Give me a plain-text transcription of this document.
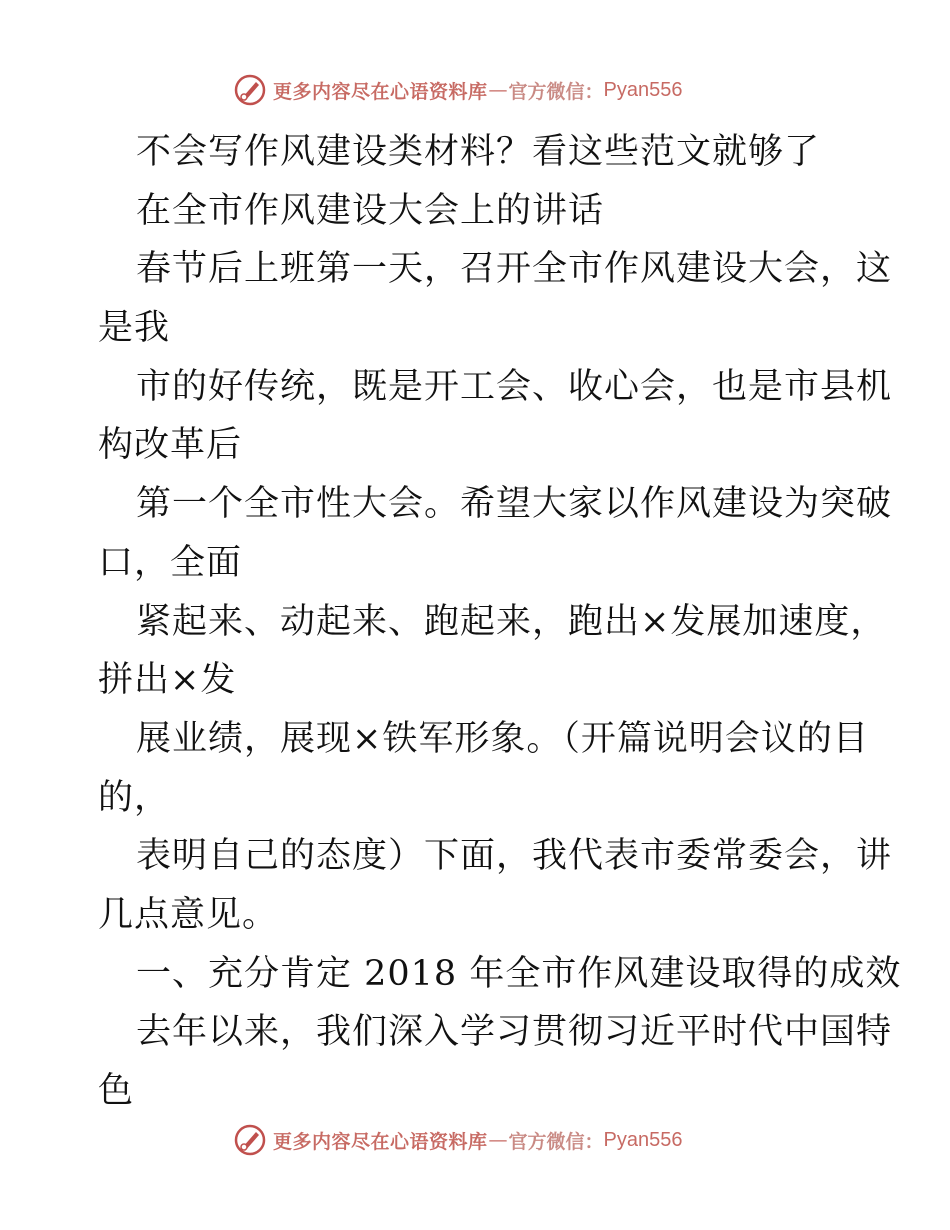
更多内容尽在心语资料库 — 官方微信： Pyan556
不会写作风建设类材料？看这些范文就够了
在全市作风建设大会上的讲话
春节后上班第一天，召开全市作风建设大会，这
是我
市的好传统，既是开工会、收心会，也是市县机
构改革后
第一个全市性大会。希望大家以作风建设为突破
口，全面
紧起来、动起来、跑起来，跑出×发展加速度，
拼出×发
展业绩，展现×铁军形象。（开篇说明会议的目
的，
表明自己的态度）下面，我代表市委常委会，讲
几点意见。
一、充分肯定 2018 年全市作风建设取得的成效
去年以来，我们深入学习贯彻习近平时代中国特
色
更多内容尽在心语资料库 — 官方微信： Pyan556
